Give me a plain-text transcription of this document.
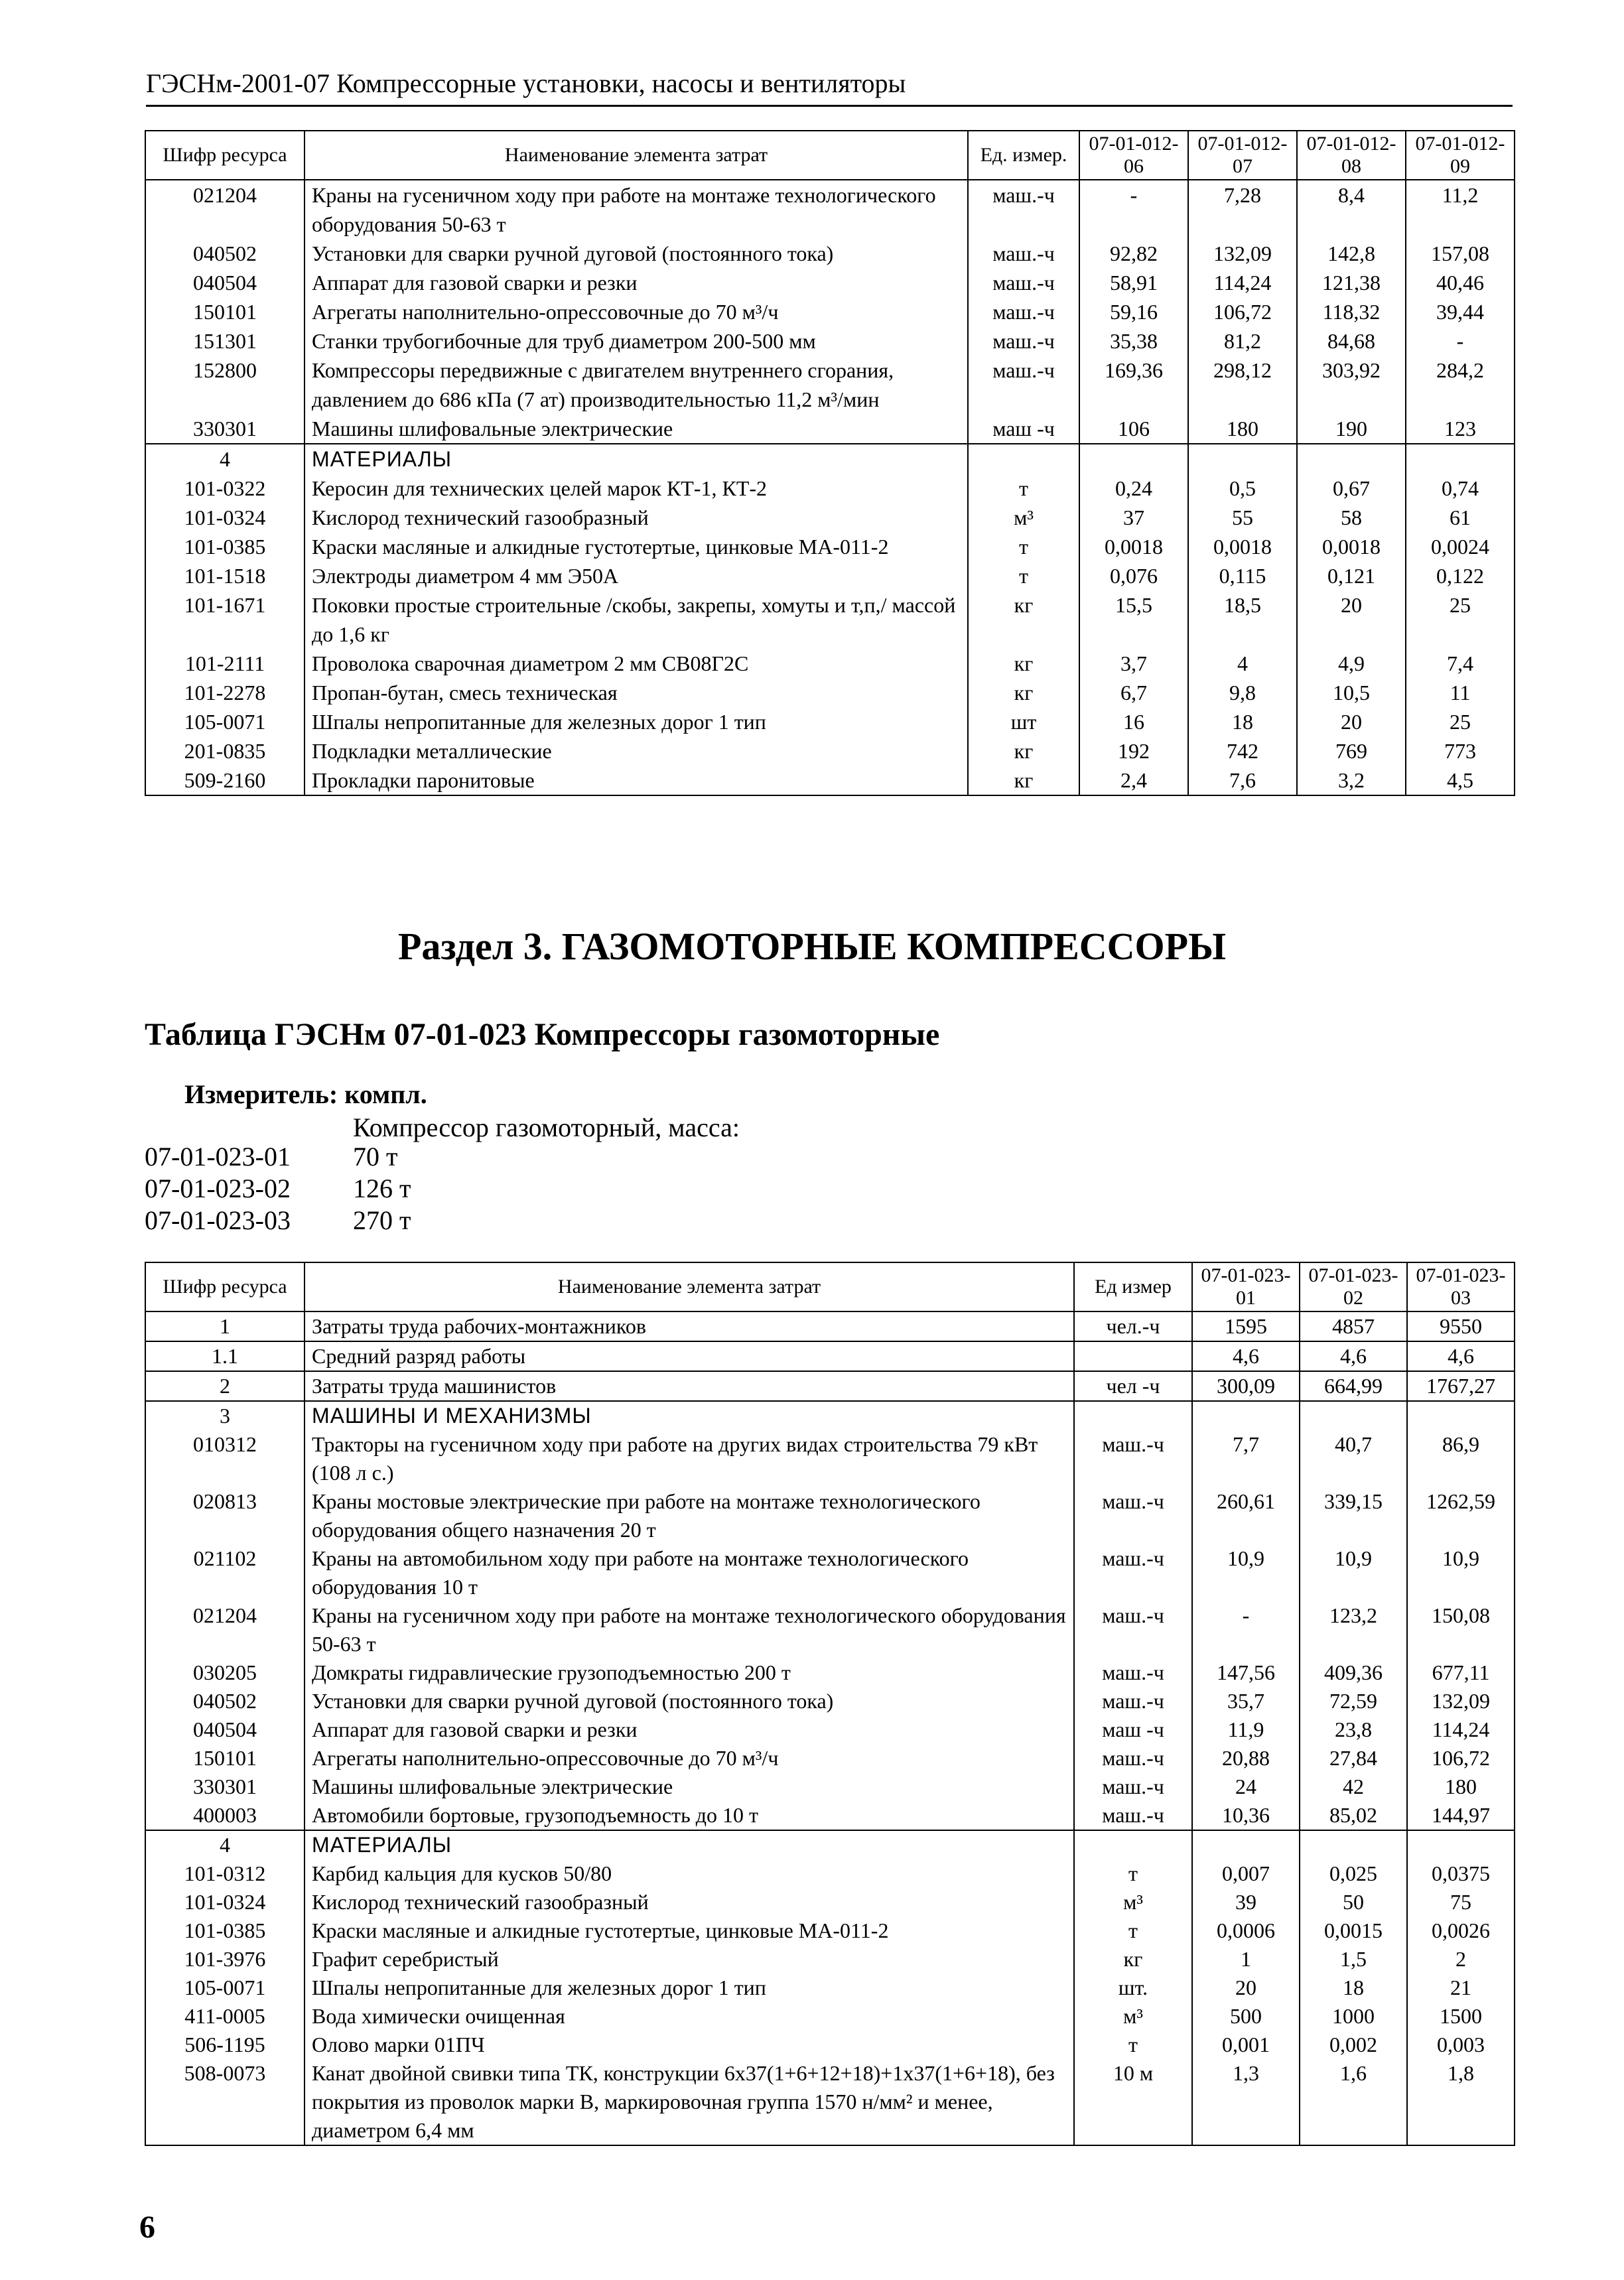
ГЭСНм-2001-07 Компрессорные установки, насосы и вентиляторы
Шифр ресурса	Наименование элемента затрат	Ед. измер.	07-01-012-06	07-01-012-07	07-01-012-08	07-01-012-09
021204	Краны на гусеничном ходу при работе на монтаже технологического оборудования 50-63 т	маш.-ч	-	7,28	8,4	11,2
040502	Установки для сварки ручной дуговой (постоянного тока)	маш.-ч	92,82	132,09	142,8	157,08
040504	Аппарат для газовой сварки и резки	маш.-ч	58,91	114,24	121,38	40,46
150101	Агрегаты наполнительно-опрессовочные до 70 м³/ч	маш.-ч	59,16	106,72	118,32	39,44
151301	Станки трубогибочные для труб диаметром 200-500 мм	маш.-ч	35,38	81,2	84,68	-
152800	Компрессоры передвижные с двигателем внутреннего сгорания, давлением до 686 кПа (7 ат) производительностью 11,2 м³/мин	маш.-ч	169,36	298,12	303,92	284,2
330301	Машины шлифовальные электрические	маш -ч	106	180	190	123
4	МАТЕРИАЛЫ					
101-0322	Керосин для технических целей марок КТ-1, КТ-2	т	0,24	0,5	0,67	0,74
101-0324	Кислород технический газообразный	м³	37	55	58	61
101-0385	Краски масляные и алкидные густотертые, цинковые МА-011-2	т	0,0018	0,0018	0,0018	0,0024
101-1518	Электроды диаметром 4 мм Э50А	т	0,076	0,115	0,121	0,122
101-1671	Поковки простые строительные /скобы, закрепы, хомуты и т,п,/ массой до 1,6 кг	кг	15,5	18,5	20	25
101-2111	Проволока сварочная диаметром 2 мм СВ08Г2С	кг	3,7	4	4,9	7,4
101-2278	Пропан-бутан, смесь техническая	кг	6,7	9,8	10,5	11
105-0071	Шпалы непропитанные для железных дорог 1 тип	шт	16	18	20	25
201-0835	Подкладки металлические	кг	192	742	769	773
509-2160	Прокладки паронитовые	кг	2,4	7,6	3,2	4,5
Раздел 3. ГАЗОМОТОРНЫЕ КОМПРЕССОРЫ
Таблица ГЭСНм 07-01-023 Компрессоры газомоторные
Измеритель: компл.
Компрессор газомоторный, масса:
07-01-023-01 70 т
07-01-023-02 126 т
07-01-023-03 270 т
Шифр ресурса	Наименование элемента затрат	Ед измер	07-01-023-01	07-01-023-02	07-01-023-03
1	Затраты труда рабочих-монтажников	чел.-ч	1595	4857	9550
1.1	Средний разряд работы		4,6	4,6	4,6
2	Затраты труда машинистов	чел -ч	300,09	664,99	1767,27
3	МАШИНЫ И МЕХАНИЗМЫ				
010312	Тракторы на гусеничном ходу при работе на других видах строительства 79 кВт (108 л с.)	маш.-ч	7,7	40,7	86,9
020813	Краны мостовые электрические при работе на монтаже технологического оборудования общего назначения 20 т	маш.-ч	260,61	339,15	1262,59
021102	Краны на автомобильном ходу при работе на монтаже технологического оборудования 10 т	маш.-ч	10,9	10,9	10,9
021204	Краны на гусеничном ходу при работе на монтаже технологического оборудования 50-63 т	маш.-ч	-	123,2	150,08
030205	Домкраты гидравлические грузоподъемностью 200 т	маш.-ч	147,56	409,36	677,11
040502	Установки для сварки ручной дуговой (постоянного тока)	маш.-ч	35,7	72,59	132,09
040504	Аппарат для газовой сварки и резки	маш -ч	11,9	23,8	114,24
150101	Агрегаты наполнительно-опрессовочные до 70 м³/ч	маш.-ч	20,88	27,84	106,72
330301	Машины шлифовальные электрические	маш.-ч	24	42	180
400003	Автомобили бортовые, грузоподъемность до 10 т	маш.-ч	10,36	85,02	144,97
4	МАТЕРИАЛЫ				
101-0312	Карбид кальция для кусков 50/80	т	0,007	0,025	0,0375
101-0324	Кислород технический газообразный	м³	39	50	75
101-0385	Краски масляные и алкидные густотертые, цинковые МА-011-2	т	0,0006	0,0015	0,0026
101-3976	Графит серебристый	кг	1	1,5	2
105-0071	Шпалы непропитанные для железных дорог 1 тип	шт.	20	18	21
411-0005	Вода химически очищенная	м³	500	1000	1500
506-1195	Олово марки 01ПЧ	т	0,001	0,002	0,003
508-0073	Канат двойной свивки типа ТК, конструкции 6х37(1+6+12+18)+1х37(1+6+18), без покрытия из проволок марки В, маркировочная группа 1570 н/мм² и менее, диаметром 6,4 мм	10 м	1,3	1,6	1,8
6
